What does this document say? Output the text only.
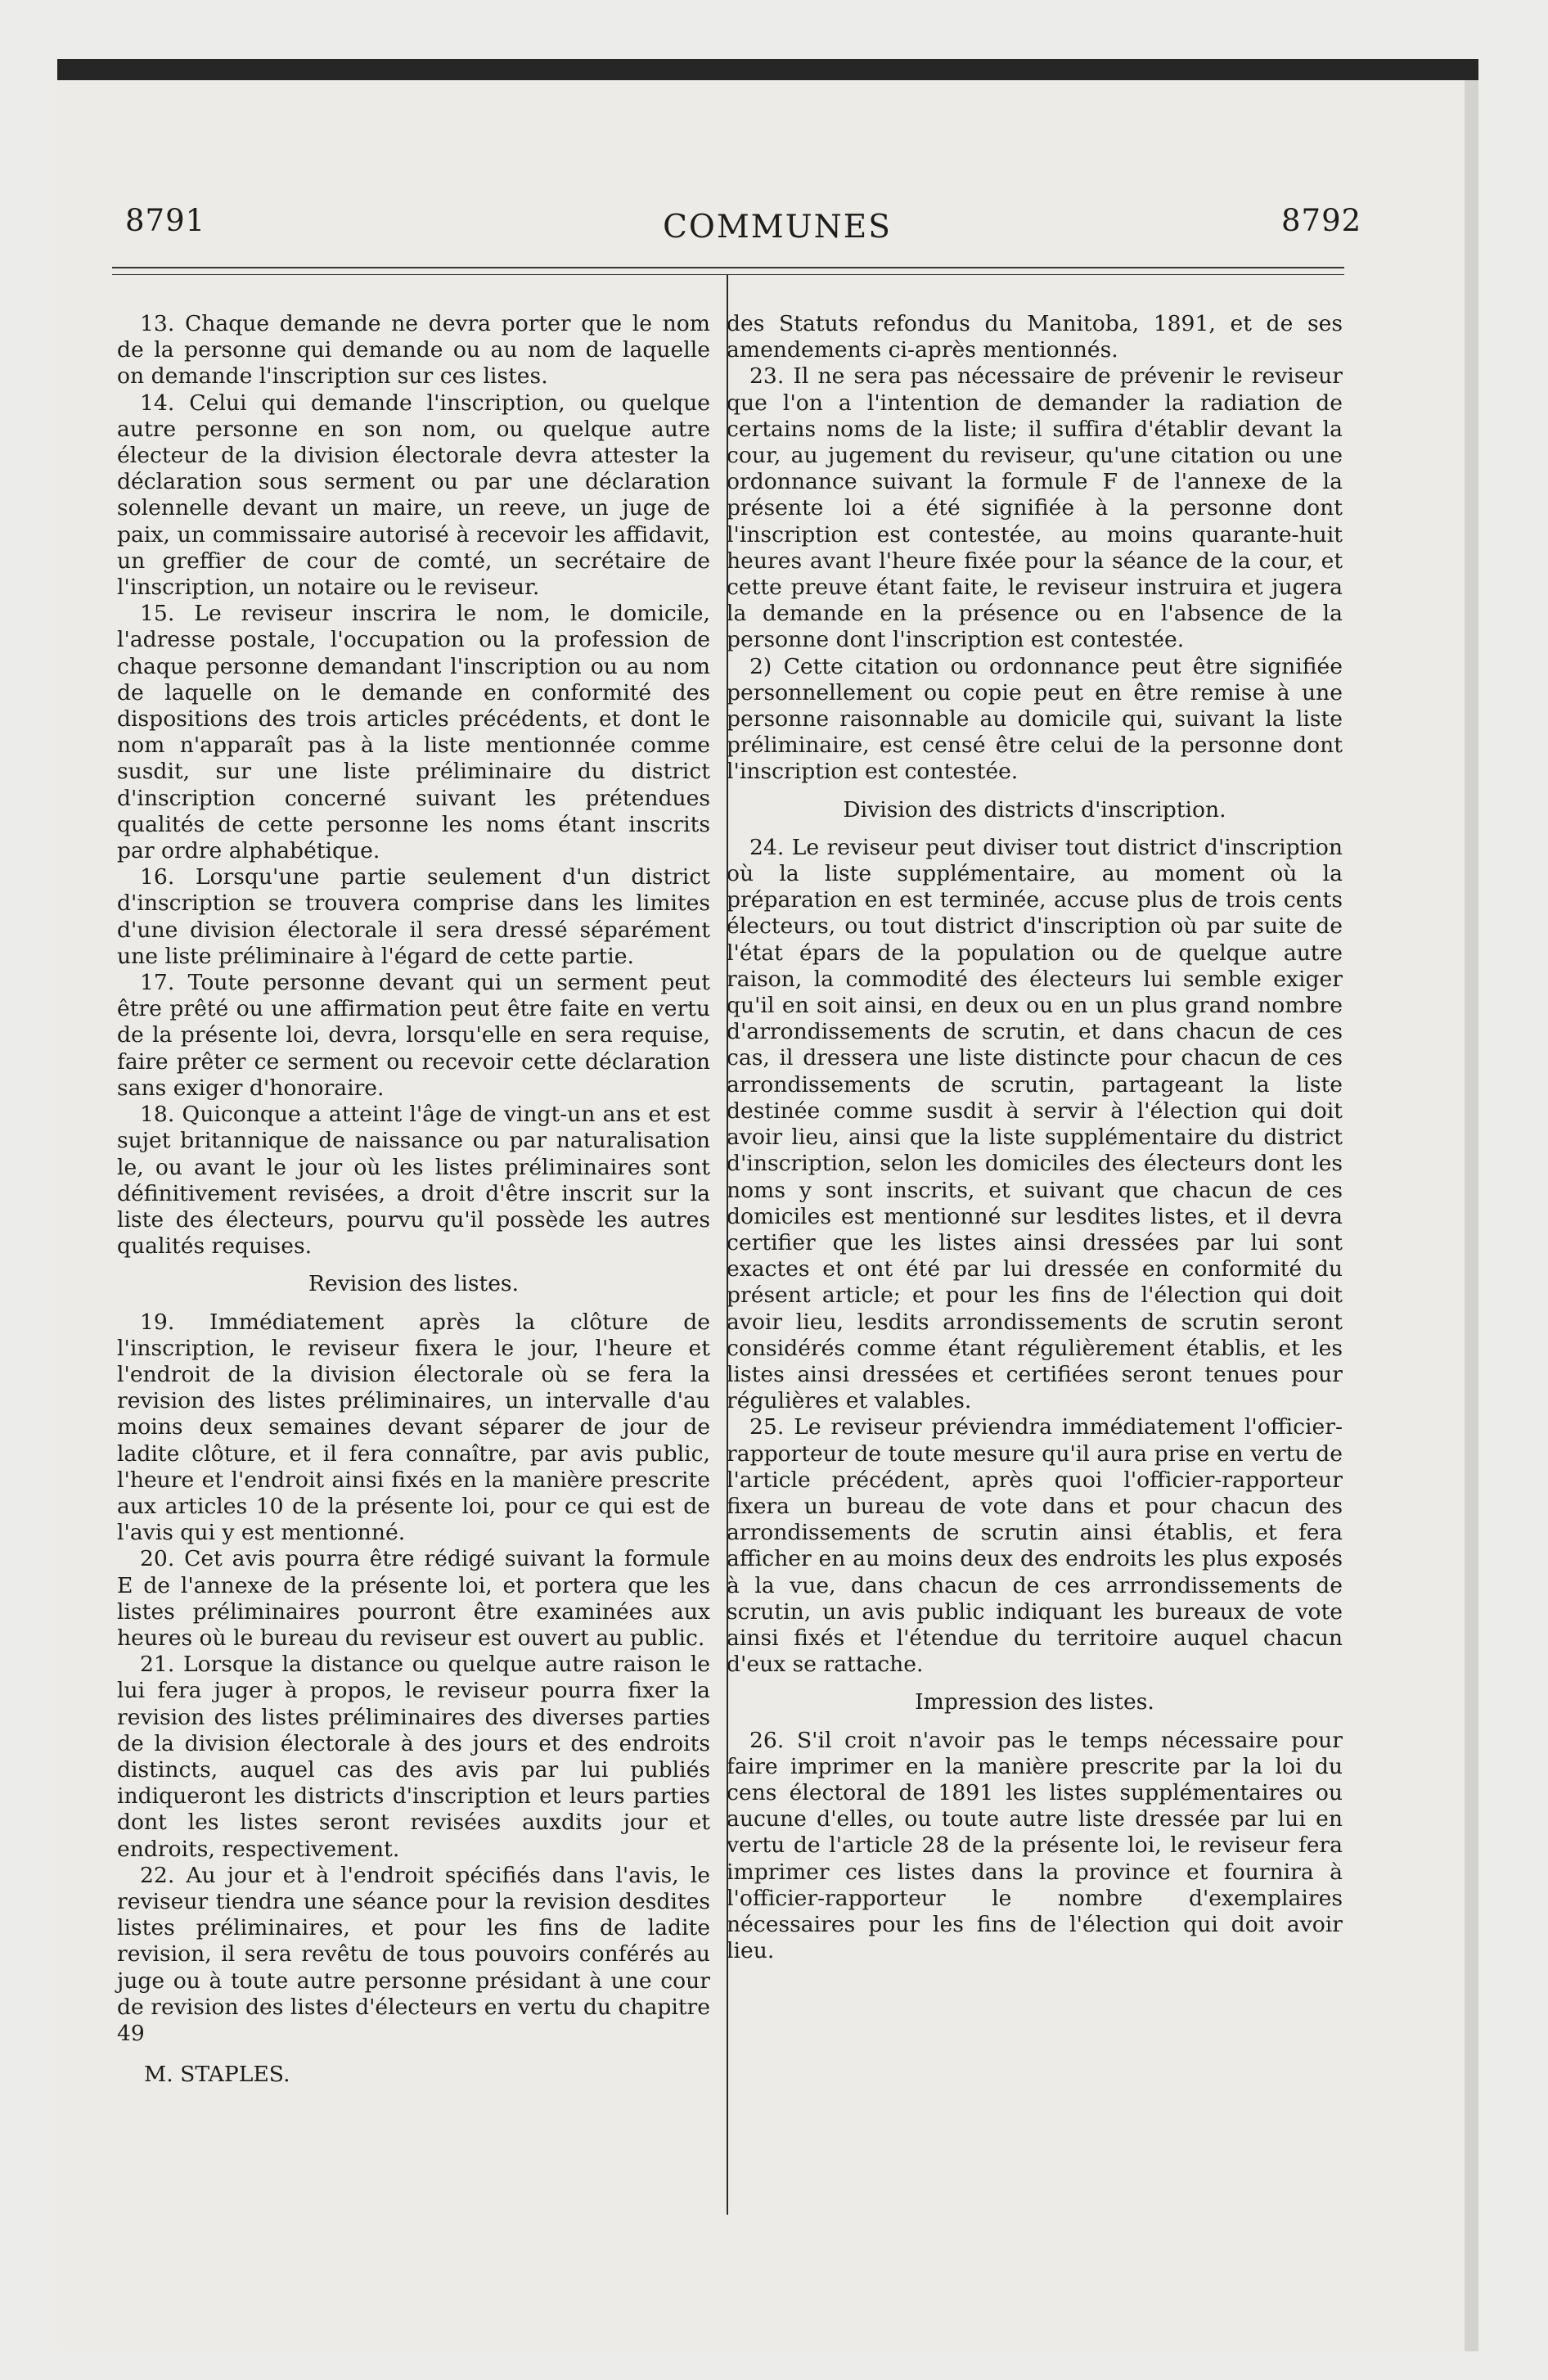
8791	COMMUNES	8792

13. Chaque demande ne devra porter que le nom de la personne qui demande ou au nom de laquelle on demande l'inscription sur ces listes.

14. Celui qui demande l'inscription, ou quelque autre personne en son nom, ou quelque autre électeur de la division électorale devra attester la déclaration sous serment ou par une déclaration solennelle devant un maire, un reeve, un juge de paix, un commissaire autorisé à recevoir les affidavit, un greffier de cour de comté, un secrétaire de l'inscription, un notaire ou le reviseur.

15. Le reviseur inscrira le nom, le domicile, l'adresse postale, l'occupation ou la profession de chaque personne demandant l'inscription ou au nom de laquelle on le demande en conformité des dispositions des trois articles précédents, et dont le nom n'apparaît pas à la liste mentionnée comme susdit, sur une liste préliminaire du district d'inscription concerné suivant les prétendues qualités de cette personne les noms étant inscrits par ordre alphabétique.

16. Lorsqu'une partie seulement d'un district d'inscription se trouvera comprise dans les limites d'une division électorale il sera dressé séparément une liste préliminaire à l'égard de cette partie.

17. Toute personne devant qui un serment peut être prêté ou une affirmation peut être faite en vertu de la présente loi, devra, lorsqu'elle en sera requise, faire prêter ce serment ou recevoir cette déclaration sans exiger d'honoraire.

18. Quiconque a atteint l'âge de vingt-un ans et est sujet britannique de naissance ou par naturalisation le, ou avant le jour où les listes préliminaires sont définitivement revisées, a droit d'être inscrit sur la liste des électeurs, pourvu qu'il possède les autres qualités requises.

Revision des listes.

19. Immédiatement après la clôture de l'inscription, le reviseur fixera le jour, l'heure et l'endroit de la division électorale où se fera la revision des listes préliminaires, un intervalle d'au moins deux semaines devant séparer de jour de ladite clôture, et il fera connaître, par avis public, l'heure et l'endroit ainsi fixés en la manière prescrite aux articles 10 de la présente loi, pour ce qui est de l'avis qui y est mentionné.

20. Cet avis pourra être rédigé suivant la formule E de l'annexe de la présente loi, et portera que les listes préliminaires pourront être examinées aux heures où le bureau du reviseur est ouvert au public.

21. Lorsque la distance ou quelque autre raison le lui fera juger à propos, le reviseur pourra fixer la revision des listes préliminaires des diverses parties de la division électorale à des jours et des endroits distincts, auquel cas des avis par lui publiés indiqueront les districts d'inscription et leurs parties dont les listes seront revisées auxdits jour et endroits, respectivement.

22. Au jour et à l'endroit spécifiés dans l'avis, le reviseur tiendra une séance pour la revision desdites listes préliminaires, et pour les fins de ladite revision, il sera revêtu de tous pouvoirs conférés au juge ou à toute autre personne présidant à une cour de revision des listes d'électeurs en vertu du chapitre 49

M. STAPLES.

des Statuts refondus du Manitoba, 1891, et de ses amendements ci-après mentionnés.

23. Il ne sera pas nécessaire de prévenir le reviseur que l'on a l'intention de demander la radiation de certains noms de la liste; il suffira d'établir devant la cour, au jugement du reviseur, qu'une citation ou une ordonnance suivant la formule F de l'annexe de la présente loi a été signifiée à la personne dont l'inscription est contestée, au moins quarante-huit heures avant l'heure fixée pour la séance de la cour, et cette preuve étant faite, le reviseur instruira et jugera la demande en la présence ou en l'absence de la personne dont l'inscription est contestée.

2) Cette citation ou ordonnance peut être signifiée personnellement ou copie peut en être remise à une personne raisonnable au domicile qui, suivant la liste préliminaire, est censé être celui de la personne dont l'inscription est contestée.

Division des districts d'inscription.

24. Le reviseur peut diviser tout district d'inscription où la liste supplémentaire, au moment où la préparation en est terminée, accuse plus de trois cents électeurs, ou tout district d'inscription où par suite de l'état épars de la population ou de quelque autre raison, la commodité des électeurs lui semble exiger qu'il en soit ainsi, en deux ou en un plus grand nombre d'arrondissements de scrutin, et dans chacun de ces cas, il dressera une liste distincte pour chacun de ces arrondissements de scrutin, partageant la liste destinée comme susdit à servir à l'élection qui doit avoir lieu, ainsi que la liste supplémentaire du district d'inscription, selon les domiciles des électeurs dont les noms y sont inscrits, et suivant que chacun de ces domiciles est mentionné sur lesdites listes, et il devra certifier que les listes ainsi dressées par lui sont exactes et ont été par lui dressée en conformité du présent article; et pour les fins de l'élection qui doit avoir lieu, lesdits arrondissements de scrutin seront considérés comme étant régulièrement établis, et les listes ainsi dressées et certifiées seront tenues pour régulières et valables.

25. Le reviseur préviendra immédiatement l'officier-rapporteur de toute mesure qu'il aura prise en vertu de l'article précédent, après quoi l'officier-rapporteur fixera un bureau de vote dans et pour chacun des arrondissements de scrutin ainsi établis, et fera afficher en au moins deux des endroits les plus exposés à la vue, dans chacun de ces arrrondissements de scrutin, un avis public indiquant les bureaux de vote ainsi fixés et l'étendue du territoire auquel chacun d'eux se rattache.

Impression des listes.

26. S'il croit n'avoir pas le temps nécessaire pour faire imprimer en la manière prescrite par la loi du cens électoral de 1891 les listes supplémentaires ou aucune d'elles, ou toute autre liste dressée par lui en vertu de l'article 28 de la présente loi, le reviseur fera imprimer ces listes dans la province et fournira à l'officier-rapporteur le nombre d'exemplaires nécessaires pour les fins de l'élection qui doit avoir lieu.
